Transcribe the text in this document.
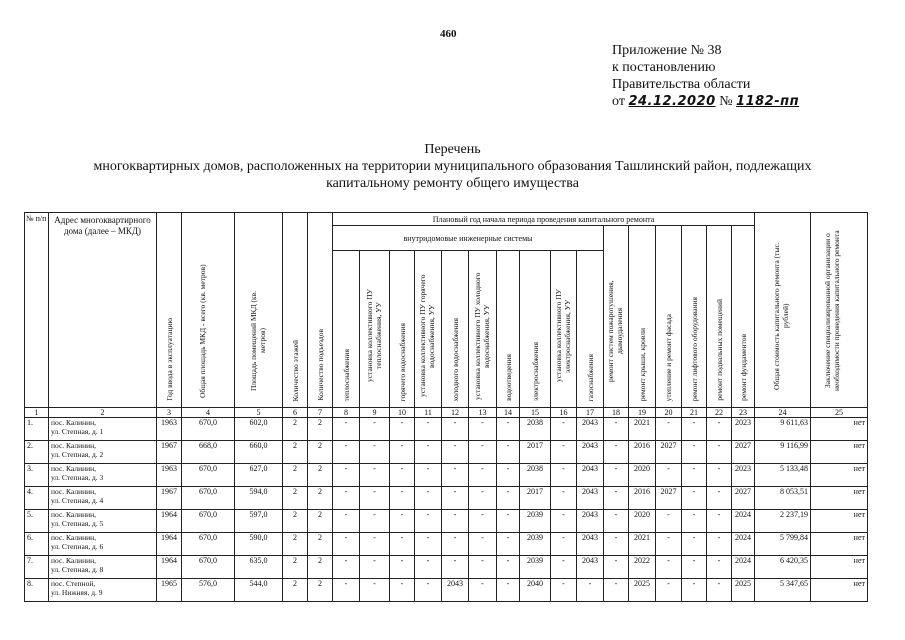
460
Приложение № 38
к постановлению
Правительства области
от 24.12.2020 № 1182-пп
Перечень
многоквартирных домов, расположенных на территории муниципального образования Ташлинский район, подлежащих
капитальному ремонту общего имущества
№ п/п	Адрес многоквартирного дома (далее – МКД)	Год ввода в эксплуатацию	Общая площадь МКД - всего (кв. метров)	Площадь помещений МКД (кв. метров)	Количество этажей	Количество подъездов	Плановый год начала периода проведения капитального ремонта																Общая стоимость капитального ремонта (тыс. рублей)	Заключение специализированной организации о необходимости проведения капитального ремонта
							внутридомовые инженерные системы										ремонт систем пожаротушения, дымоудаления	ремонт крыши, кровли	утепление и ремонт фасада	ремонт лифтового оборудования	ремонт подвальных помещений	ремонт фундаментов		
							теплоснабжения	установка коллективного ПУ теплоснабжения, УУ	горячего водоснабжения	установка коллективного ПУ горячего водоснабжения, УУ	холодного водоснабжения	установка коллективного ПУ холодного водоснабжения, УУ	водоотведения	электроснабжения	установка коллективного ПУ электроснабжения, УУ	газоснабжения								
1	2	3	4	5	6	7	8	9	10	11	12	13	14	15	16	17	18	19	20	21	22	23	24	25
1.	пос. Калинин,
ул. Степная, д. 1	1963	670,0	602,0	2	2	-	-	-	-	-	-	-	2038	-	2043	-	2021	-	-	-	2023	9 611,63	нет
2.	пос. Калинин,
ул. Степная, д. 2	1967	668,0	660,0	2	2	-	-	-	-	-	-	-	2017	-	2043	-	2016	2027	-	-	2027	9 116,99	нет
3.	пос. Калинин,
ул. Степная, д. 3	1963	670,0	627,0	2	2	-	-	-	-	-	-	-	2038	-	2043	-	2020	-	-	-	2023	5 133,48	нет
4.	пос. Калинин,
ул. Степная, д. 4	1967	670,0	594,0	2	2	-	-	-	-	-	-	-	2017	-	2043	-	2016	2027	-	-	2027	8 053,51	нет
5.	пос. Калинин,
ул. Степная, д. 5	1964	670,0	597,0	2	2	-	-	-	-	-	-	-	2039	-	2043	-	2020	-	-	-	2024	2 237,19	нет
6.	пос. Калинин,
ул. Степная, д. 6	1964	670,0	590,0	2	2	-	-	-	-	-	-	-	2039	-	2043	-	2021	-	-	-	2024	5 799,84	нет
7.	пос. Калинин,
ул. Степная, д. 8	1964	670,0	635,0	2	2	-	-	-	-	-	-	-	2039	-	2043	-	2022	-	-	-	2024	6 420,35	нет
8.	пос. Степной,
ул. Нижняя, д. 9	1965	576,0	544,0	2	2	-	-	-	-	2043	-	-	2040	-	-	-	2025	-	-	-	2025	5 347,65	нет
